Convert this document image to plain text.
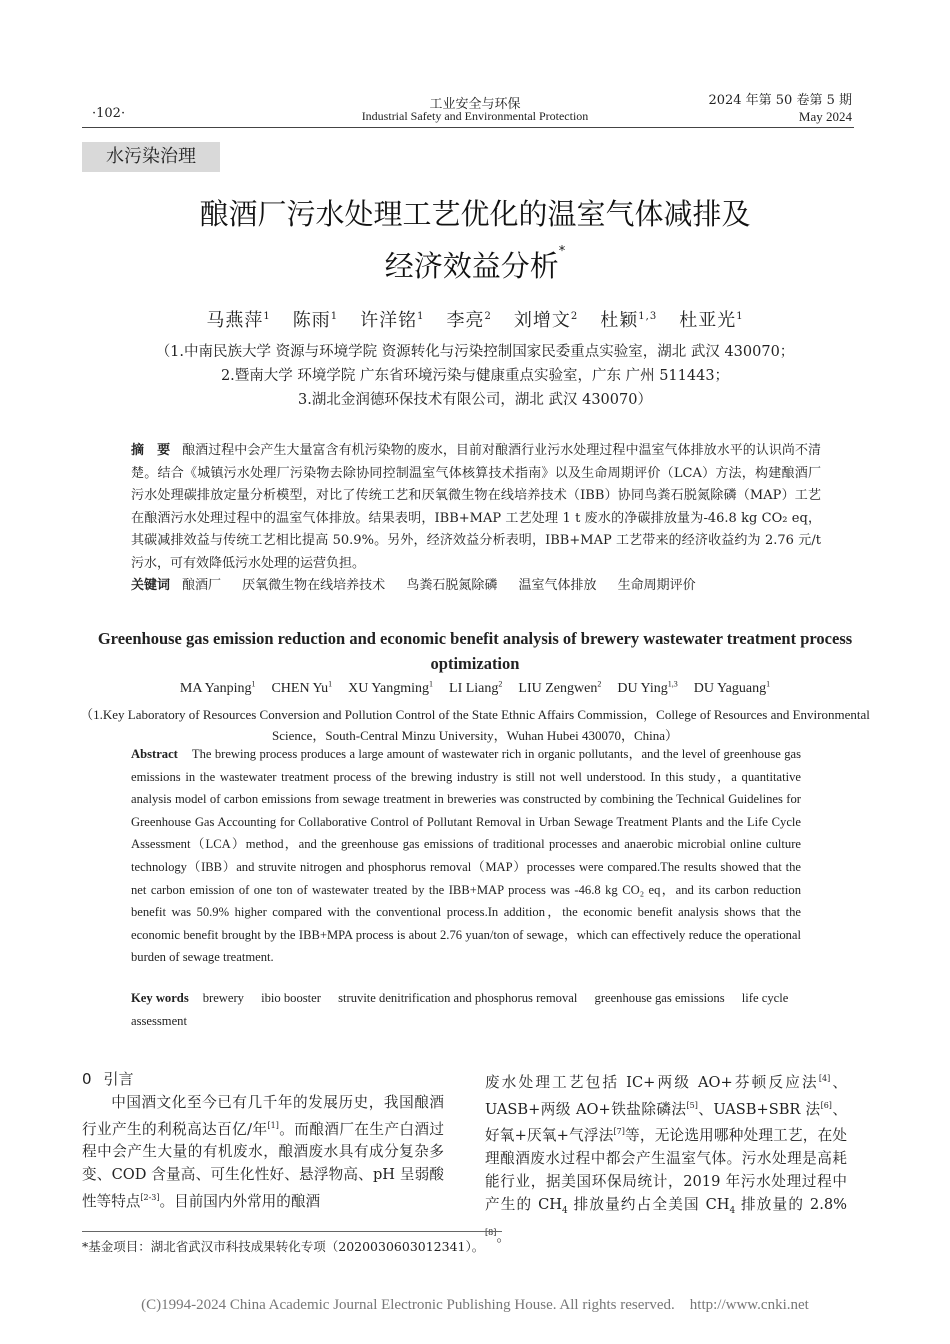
·102·
工业安全与环保
Industrial Safety and Environmental Protection
2024 年第 50 卷第 5 期
May 2024
水污染治理
酿酒厂污水处理工艺优化的温室气体减排及
经济效益分析*
马燕萍$^1$ 陈雨$^1$ 许洋铭$^1$ 李亮$^2$ 刘增文$^2$ 杜颖$^{1,3}$ 杜亚光$^1$
（1.中南民族大学 资源与环境学院 资源转化与污染控制国家民委重点实验室，湖北 武汉 430070；
2.暨南大学 环境学院 广东省环境污染与健康重点实验室，广东 广州 511443；
3.湖北金润德环保技术有限公司，湖北 武汉 430070）
摘　要 酿酒过程中会产生大量富含有机污染物的废水，目前对酿酒行业污水处理过程中温室气体排放水平的认识尚不清楚。结合《城镇污水处理厂污染物去除协同控制温室气体核算技术指南》以及生命周期评价（LCA）方法，构建酿酒厂污水处理碳排放定量分析模型，对比了传统工艺和厌氧微生物在线培养技术（IBB）协同鸟粪石脱氮除磷（MAP）工艺在酿酒污水处理过程中的温室气体排放。结果表明，IBB+MAP 工艺处理 1 t 废水的净碳排放量为-46.8 kg CO₂ eq，其碳减排效益与传统工艺相比提高 50.9%。另外，经济效益分析表明，IBB+MAP 工艺带来的经济收益约为 2.76 元/t 污水，可有效降低污水处理的运营负担。
关键词 酿酒厂 厌氧微生物在线培养技术 鸟粪石脱氮除磷 温室气体排放 生命周期评价
Greenhouse gas emission reduction and economic benefit analysis of brewery wastewater treatment process optimization
MA Yanping$^1$ CHEN Yu$^1$ XU Yangming$^1$ LI Liang$^2$ LIU Zengwen$^2$ DU Ying$^{1,3}$ DU Yaguang$^1$
（1.Key Laboratory of Resources Conversion and Pollution Control of the State Ethnic Affairs Commission，College of Resources and Environmental Science，South-Central Minzu University，Wuhan Hubei 430070，China）
Abstract The brewing process produces a large amount of wastewater rich in organic pollutants，and the level of greenhouse gas emissions in the wastewater treatment process of the brewing industry is still not well understood. In this study，a quantitative analysis model of carbon emissions from sewage treatment in breweries was constructed by combining the Technical Guidelines for Greenhouse Gas Accounting for Collaborative Control of Pollutant Removal in Urban Sewage Treatment Plants and the Life Cycle Assessment（LCA）method，and the greenhouse gas emissions of traditional processes and anaerobic microbial online culture technology（IBB）and struvite nitrogen and phosphorus removal（MAP）processes were compared.The results showed that the net carbon emission of one ton of wastewater treated by the IBB+MAP process was -46.8 kg CO₂ eq，and its carbon reduction benefit was 50.9% higher compared with the conventional process.In addition，the economic benefit analysis shows that the economic benefit brought by the IBB+MPA process is about 2.76 yuan/ton of sewage，which can effectively reduce the operational burden of sewage treatment.
Key words brewery ibio booster struvite denitrification and phosphorus removal greenhouse gas emissions life cycle assessment
0 引言
中国酒文化至今已有几千年的发展历史，我国酿酒行业产生的利税高达百亿/年[1]。而酿酒厂在生产白酒过程中会产生大量的有机废水，酿酒废水具有成分复杂多变、COD 含量高、可生化性好、悬浮物高、pH 呈弱酸性等特点[2-3]。目前国内外常用的酿酒
废水处理工艺包括 IC+两级 AO+芬顿反应法[4]、UASB+两级 AO+铁盐除磷法[5]、UASB+SBR 法[6]、好氧+厌氧+气浮法[7]等，无论选用哪种处理工艺，在处理酿酒废水过程中都会产生温室气体。污水处理是高耗能行业，据美国环保局统计，2019 年污水处理过程中产生的 $CH_4$ 排放量约占全美国 $CH_4$ 排放量的 2.8%[8]。
*基金项目：湖北省武汉市科技成果转化专项（2020030603012341）。
(C)1994-2024 China Academic Journal Electronic Publishing House. All rights reserved.    http://www.cnki.net
